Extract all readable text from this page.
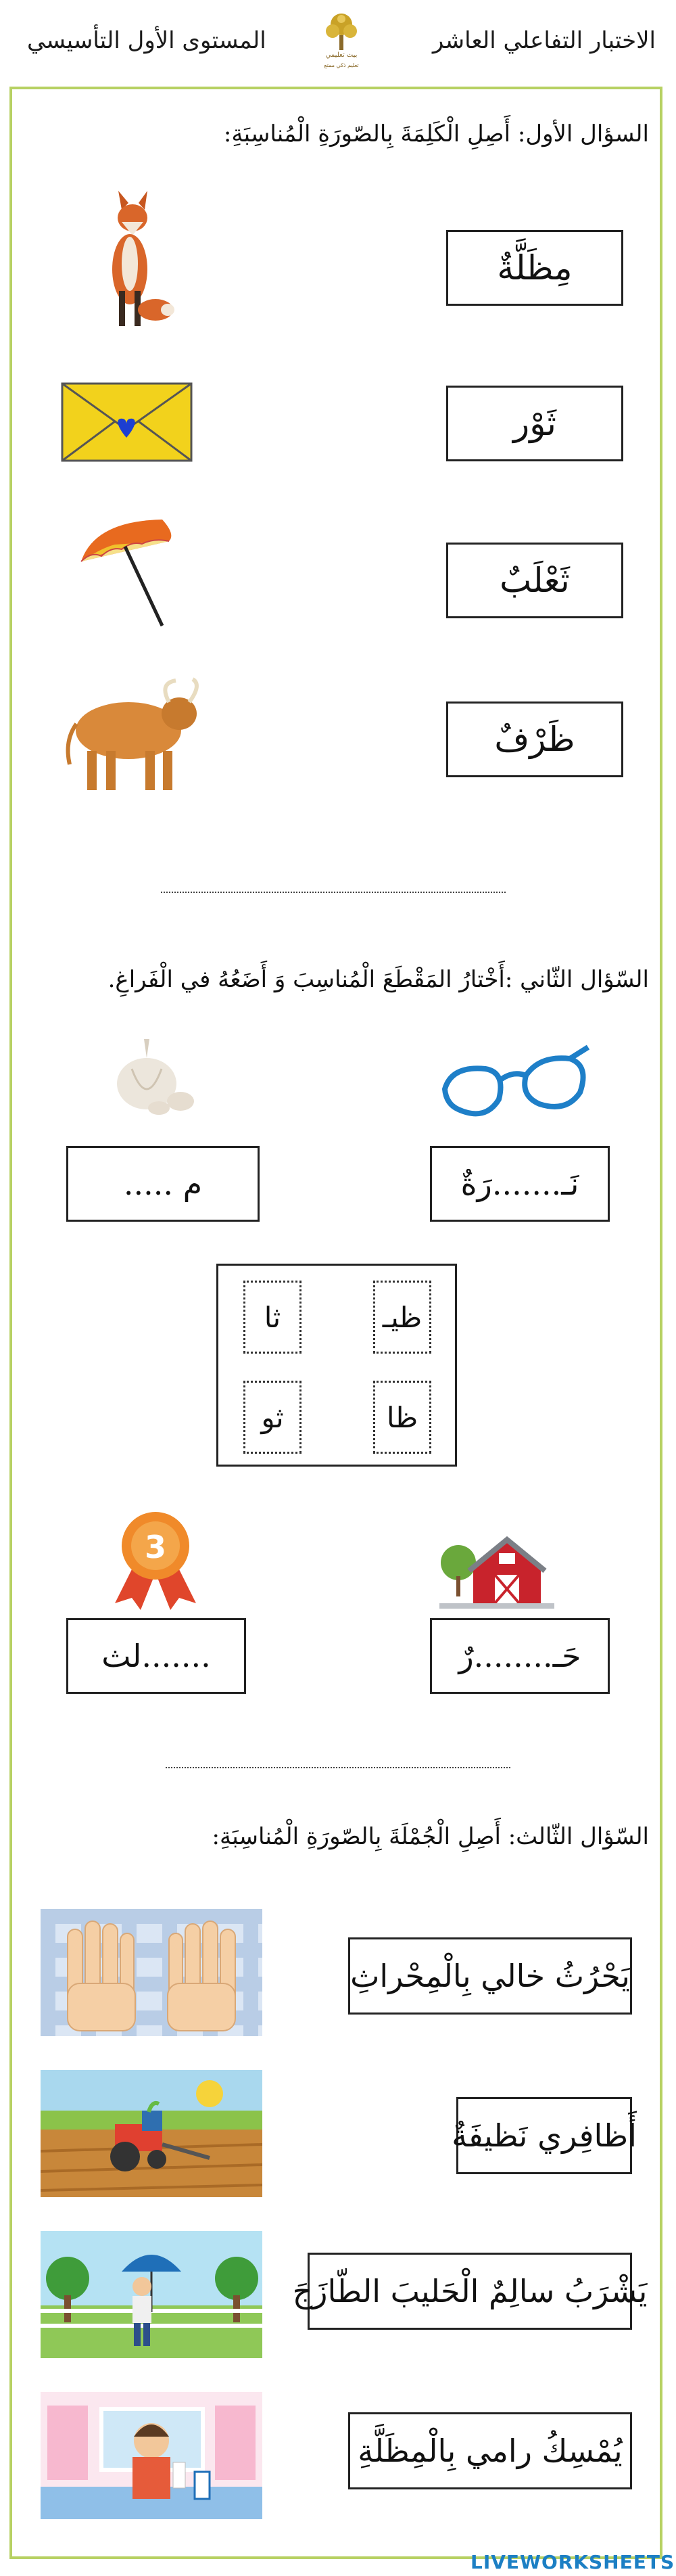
الاختبار التفاعلي العاشر
المستوى الأول التأسيسي
بيت تعليمي
تعليم ذكي ممتع
السؤال الأول: أَصِلِ الْكَلِمَةَ بِالصّورَةِ الْمُناسِبَةِ:
مِظَلَّةٌ
ثَوْر
ثَعْلَبٌ
ظَرْفٌ
السّؤال الثّاني :أَخْتارُ المَقْطَعَ الْمُناسِبَ وَ أَضَعُهُ في الْفَراغِ.
م .....	نَـ.......رَةٌ
ظيـ
ثا
ظا
ثو
3
.......لث	حَـ........رٌ
السّؤال الثّالث: أَصِلِ الْجُمْلَةَ بِالصّورَةِ الْمُناسِبَةِ:
يَحْرُثُ خالي بِالْمِحْراثِ
أَظافِري نَظيفَةٌ
يَشْرَبُ سالِمٌ الْحَليبَ الطّازَجَ
يُمْسِكُ رامي بِالْمِظَلَّةِ
LIVEWORKSHEETS
